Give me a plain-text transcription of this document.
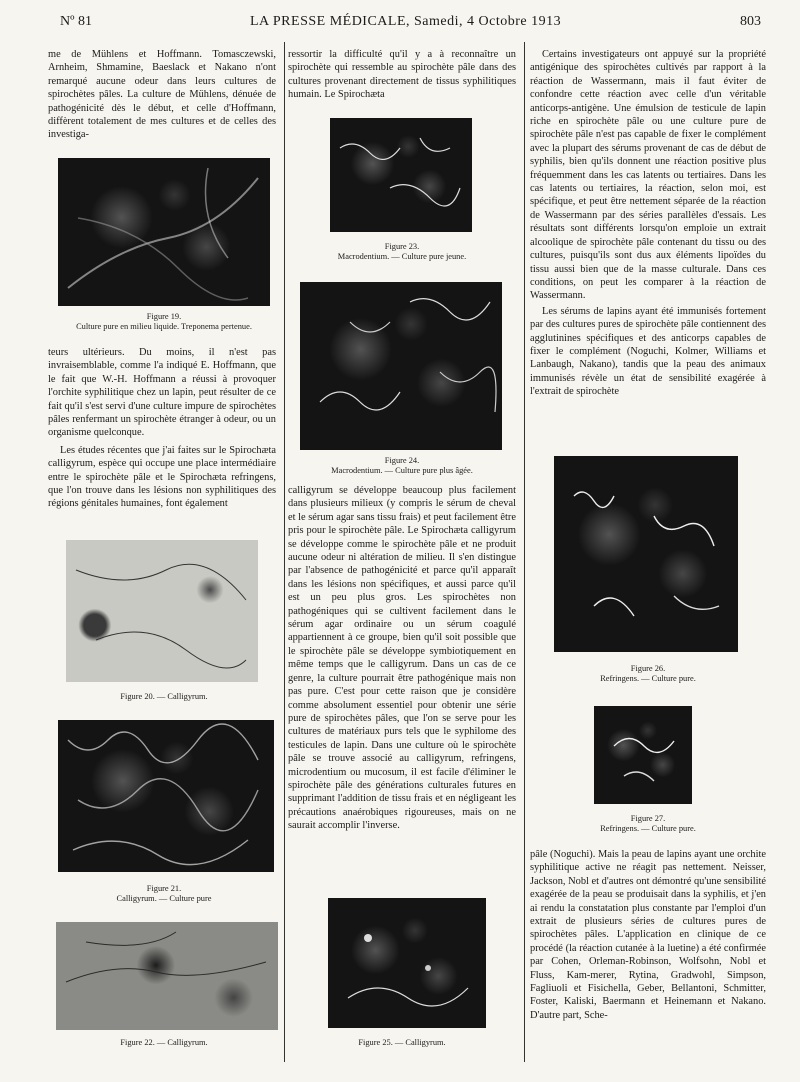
Nº 81	LA PRESSE MÉDICALE, Samedi, 4 Octobre 1913	803

me de Mühlens et Hoffmann. Tomasczewski, Arnheim, Shmamine, Baeslack et Nakano n'ont remarqué aucune odeur dans leurs cultures de spirochètes pâles. La culture de Mühlens, dénuée de pathogénicité dès le début, et celle d'Hoffmann, diffèrent totalement de mes cultures et de celles des investiga-

Figure 19.
Culture pure en milieu liquide. Treponema pertenue.

teurs ultérieurs. Du moins, il n'est pas invraisemblable, comme l'a indiqué E. Hoffmann, que le fait que W.-H. Hoffmann a réussi à provoquer l'orchite syphilitique chez un lapin, peut résulter de ce fait qu'il s'est servi d'une culture impure de spirochètes pâles renfermant un spirochète étranger à odeur, ou un organisme quelconque.

Les études récentes que j'ai faites sur le Spirochæta calligyrum, espèce qui occupe une place intermédiaire entre le spirochète pâle et le Spirochæta refringens, que l'on trouve dans les lésions non syphilitiques des régions génitales humaines, font également

Figure 20. — Calligyrum.
Figure 21.
Calligyrum. — Culture pure
Figure 22. — Calligyrum.

ressortir la difficulté qu'il y a à reconnaître un spirochète qui ressemble au spirochète pâle dans des cultures provenant directement de tissus syphilitiques humain. Le Spirochæta

Figure 23.
Macrodentium. — Culture pure jeune.
Figure 24.
Macrodentium. — Culture pure plus âgée.

calligyrum se développe beaucoup plus facilement dans plusieurs milieux (y compris le sérum de cheval et le sérum agar sans tissu frais) et peut facilement être pris pour le spirochète pâle. Le Spirochæta calligyrum se développe comme le spirochète pâle et ne produit aucune odeur ni altération de milieu. Il s'en distingue par l'absence de pathogénicité et parce qu'il apparaît dans les lésions non spécifiques, et aussi parce qu'il est un peu plus gros. Les spirochètes non pathogéniques qui se cultivent facilement dans le sérum agar ordinaire ou un sérum coagulé appartiennent à ce groupe, bien qu'il soit possible que le spirochète pâle se développe symbiotiquement en même temps que le calligyrum. Dans un cas de ce genre, la culture pourrait être pathogénique mais non pas pure. C'est pour cette raison que je considère comme absolument essentiel pour obtenir une série pure de spirochètes pâles, que l'on se serve pour les cultures de matériaux purs tels que le syphilome des testicules de lapin. Dans une culture où le spirochète pâle se trouve associé au calligyrum, refringens, microdentium ou mucosum, il est facile d'éliminer le spirochète pâle des générations culturales futures en supprimant l'addition de tissu frais et en négligeant les précautions anaérobiques rigoureuses, mais on ne saurait accomplir l'inverse.

Figure 25. — Calligyrum.

Certains investigateurs ont appuyé sur la propriété antigénique des spirochètes cultivés par rapport à la réaction de Wassermann, mais il faut éviter de confondre cette réaction avec celle d'un véritable anticorps-antigène. Une émulsion de testicule de lapin riche en spirochète pâle ou une culture pure de spirochète pâle n'est pas capable de fixer le complément avec la plupart des sérums provenant de cas de début de syphilis, bien qu'ils donnent une réaction positive plus fréquemment dans les cas latents ou tertiaires. Dans les cas latents ou tertiaires, la réaction, selon moi, est spécifique, et peut être nettement séparée de la réaction de Wassermann par des séries parallèles d'essais. Les résultats sont différents lorsqu'on emploie un extrait alcoolique de spirochète pâle contenant du tissu ou des cultures, puisqu'ils sont dus aux éléments lipoïdes du tissu aussi bien que de la masse culturale. Dans ces conditions, on peut les comparer à la réaction de Wassermann.

Les sérums de lapins ayant été immunisés fortement par des cultures pures de spirochète pâle contiennent des agglutinines spécifiques et des anticorps capables de fixer le complément (Noguchi, Kolmer, Williams et Lanbaugh, Nakano), tandis que la peau des animaux immunisés révèle un état de sensibilité exagérée à l'extrait de spirochète

Figure 26.
Refringens. — Culture pure.
Figure 27.
Refringens. — Culture pure.

pâle (Noguchi). Mais la peau de lapins ayant une orchite syphilitique active ne réagit pas nettement. Neisser, Jackson, Nobl et d'autres ont démontré qu'une sensibilité exagérée de la peau se produisait dans la syphilis, et j'en ai rendu la constatation plus constante par l'emploi d'un extrait de plusieurs séries de cultures pures de spirochètes pâles. L'application en clinique de ce procédé (la réaction cutanée à la luetine) a été confirmée par Cohen, Orleman-Robinson, Wolfsohn, Nobl et Fluss, Kam-merer, Rytina, Gradwohl, Simpson, Fagliuoli et Fisichella, Geber, Bellantoni, Schmitter, Foster, Kaliski, Baermann et Heinemann et Nakano. D'autre part, Sche-
